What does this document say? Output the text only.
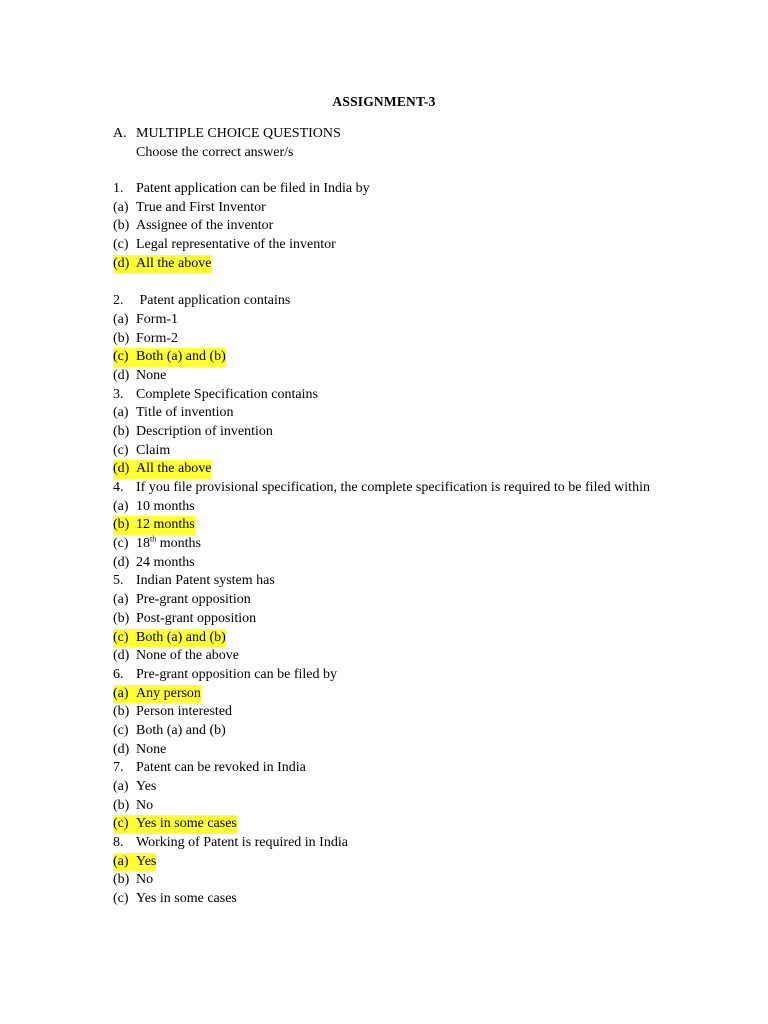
ASSIGNMENT-3
A. MULTIPLE CHOICE QUESTIONS
Choose the correct answer/s
1. Patent application can be filed in India by
(a) True and First Inventor
(b) Assignee of the inventor
(c) Legal representative of the inventor
(d) All the above
2. Patent application contains
(a) Form-1
(b) Form-2
(c) Both (a) and (b)
(d) None
3. Complete Specification contains
(a) Title of invention
(b) Description of invention
(c) Claim
(d) All the above
4. If you file provisional specification, the complete specification is required to be filed within
(a) 10 months
(b) 12 months
(c) 18th months
(d) 24 months
5. Indian Patent system has
(a) Pre-grant opposition
(b) Post-grant opposition
(c) Both (a) and (b)
(d) None of the above
6. Pre-grant opposition can be filed by
(a) Any person
(b) Person interested
(c) Both (a) and (b)
(d) None
7. Patent can be revoked in India
(a) Yes
(b) No
(c) Yes in some cases
8. Working of Patent is required in India
(a) Yes
(b) No
(c) Yes in some cases
